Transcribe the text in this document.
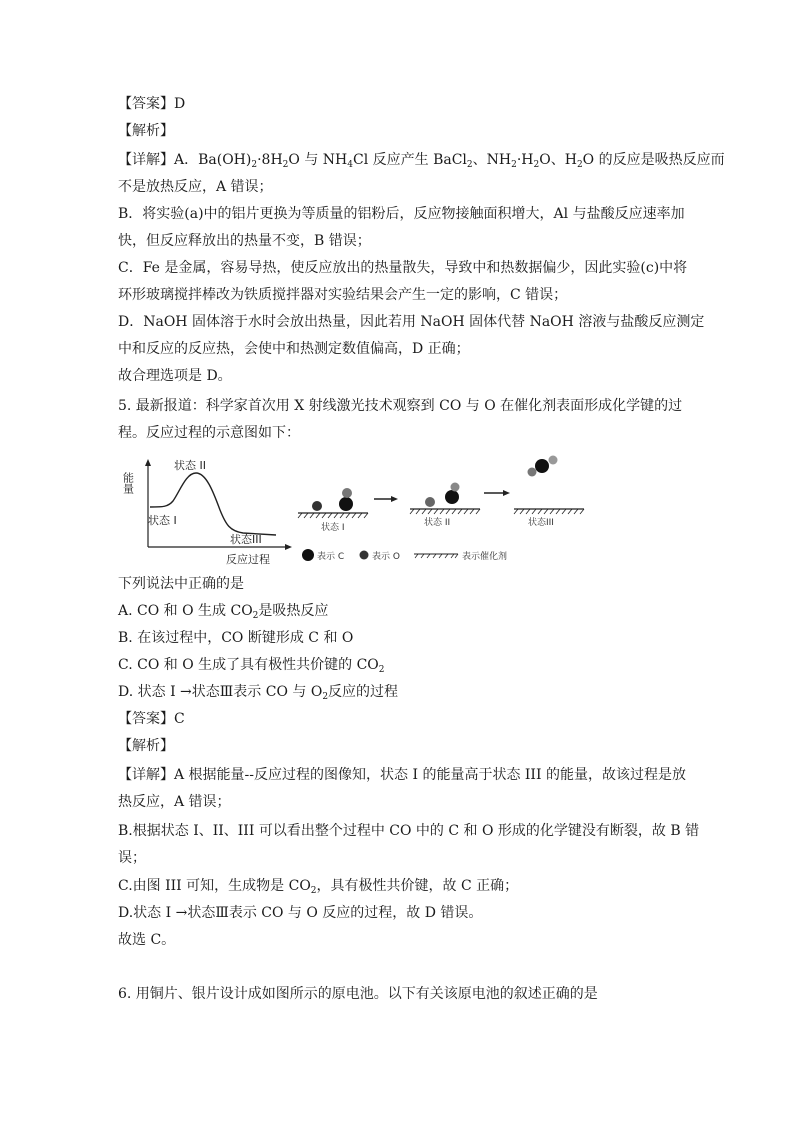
【答案】D
【解析】
【详解】A．$Ba(OH)_2\cdot 8H_2O$ 与 $NH_4Cl$ 反应产生 BaCl$_2$、$NH_2\cdot H_2O$、$H_2O$ 的反应是吸热反应而
不是放热反应，A 错误；
B．将实验(a)中的铝片更换为等质量的铝粉后，反应物接触面积增大，Al 与盐酸反应速率加
快，但反应释放出的热量不变，B 错误；
C．Fe 是金属，容易导热，使反应放出的热量散失，导致中和热数据偏少，因此实验(c)中将
环形玻璃搅拌棒改为铁质搅拌器对实验结果会产生一定的影响，C 错误；
D．NaOH 固体溶于水时会放出热量，因此若用 NaOH 固体代替 NaOH 溶液与盐酸反应测定
中和反应的反应热，会使中和热测定数值偏高，D 正确；
故合理选项是 D。
5. 最新报道：科学家首次用 X 射线激光技术观察到 CO 与 O 在催化剂表面形成化学键的过
程。反应过程的示意图如下：
能量
反应过程
状态 II
状态 I
状态III
状态 I	状态 II	状态III
表示 C	表示 O	表示催化剂
下列说法中正确的是
A. CO 和 O 生成 $CO_2$是吸热反应
B. 在该过程中，CO 断键形成 C 和 O
C. CO 和 O 生成了具有极性共价键的 $CO_2$
D. 状态 I →状态Ⅲ表示 CO 与 $O_2$反应的过程
【答案】C
【解析】
【详解】A 根据能量--反应过程的图像知，状态 I 的能量高于状态 III 的能量，故该过程是放
热反应，A 错误；
B.根据状态 I、II、III 可以看出整个过程中 CO 中的 C 和 O 形成的化学键没有断裂，故 B 错
误；
C.由图 III 可知，生成物是 $CO_2$，具有极性共价键，故 C 正确；
D.状态 I →状态Ⅲ表示 CO 与 O 反应的过程，故 D 错误。
故选 C。
6. 用铜片、银片设计成如图所示的原电池。以下有关该原电池的叙述正确的是
